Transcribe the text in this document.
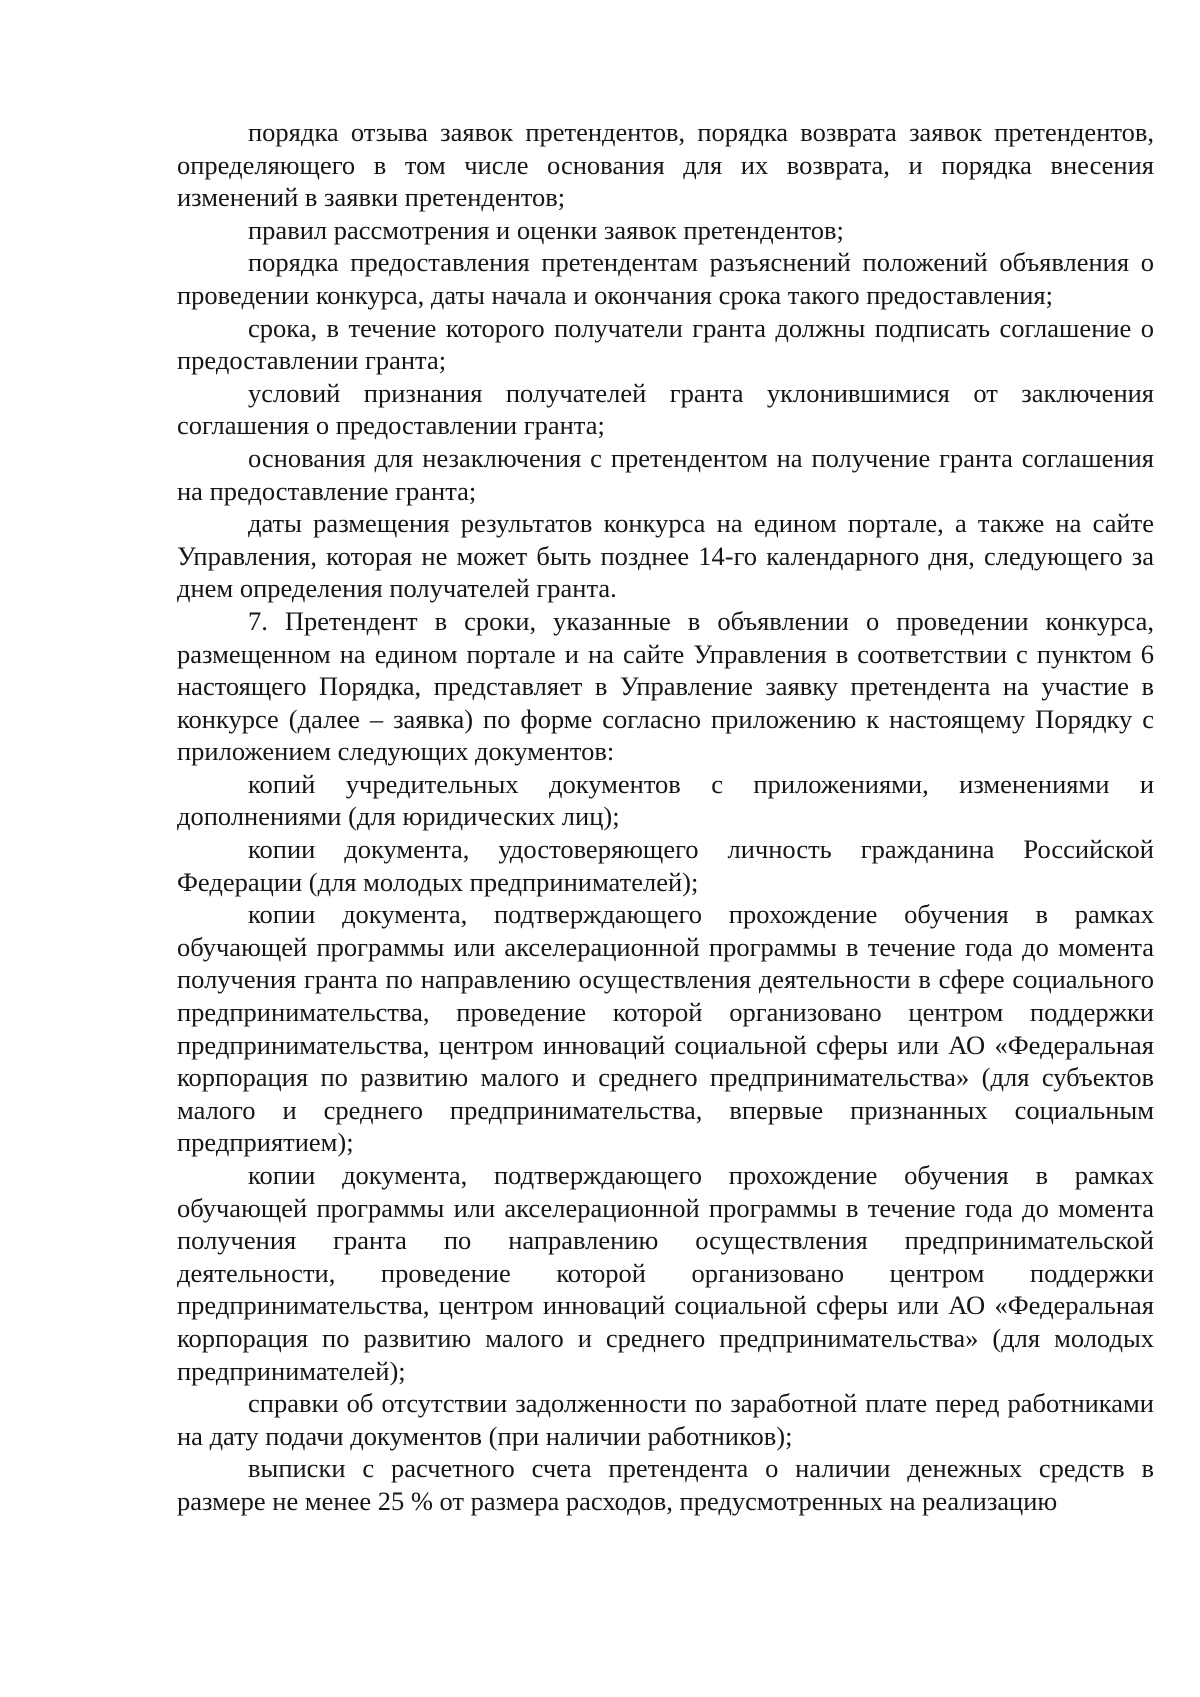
порядка отзыва заявок претендентов, порядка возврата заявок претендентов, определяющего в том числе основания для их возврата, и порядка внесения изменений в заявки претендентов;

правил рассмотрения и оценки заявок претендентов;

порядка предоставления претендентам разъяснений положений объявления о проведении конкурса, даты начала и окончания срока такого предоставления;

срока, в течение которого получатели гранта должны подписать соглашение о предоставлении гранта;

условий признания получателей гранта уклонившимися от заключения соглашения о предоставлении гранта;

основания для незаключения с претендентом на получение гранта соглашения на предоставление гранта;

даты размещения результатов конкурса на едином портале, а также на сайте Управления, которая не может быть позднее 14-го календарного дня, следующего за днем определения получателей гранта.

7. Претендент в сроки, указанные в объявлении о проведении конкурса, размещенном на едином портале и на сайте Управления в соответствии с пунктом 6 настоящего Порядка, представляет в Управление заявку претендента на участие в конкурсе (далее – заявка) по форме согласно приложению к настоящему Порядку с приложением следующих документов:

копий учредительных документов с приложениями, изменениями и дополнениями (для юридических лиц);

копии документа, удостоверяющего личность гражданина Российской Федерации (для молодых предпринимателей);

копии документа, подтверждающего прохождение обучения в рамках обучающей программы или акселерационной программы в течение года до момента получения гранта по направлению осуществления деятельности в сфере социального предпринимательства, проведение которой организовано центром поддержки предпринимательства, центром инноваций социальной сферы или АО «Федеральная корпорация по развитию малого и среднего предпринимательства» (для субъектов малого и среднего предпринимательства, впервые признанных социальным предприятием);

копии документа, подтверждающего прохождение обучения в рамках обучающей программы или акселерационной программы в течение года до момента получения гранта по направлению осуществления предпринимательской деятельности, проведение которой организовано центром поддержки предпринимательства, центром инноваций социальной сферы или АО «Федеральная корпорация по развитию малого и среднего предпринимательства» (для молодых предпринимателей);

справки об отсутствии задолженности по заработной плате перед работниками на дату подачи документов (при наличии работников);

выписки с расчетного счета претендента о наличии денежных средств в размере не менее 25 % от размера расходов, предусмотренных на реализацию
